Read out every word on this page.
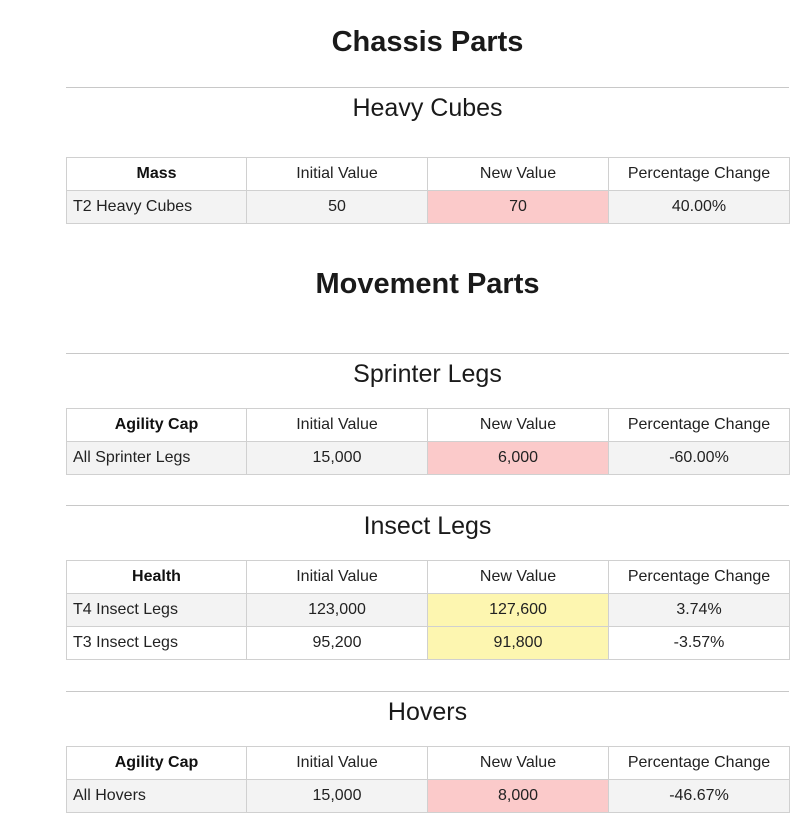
Chassis Parts
Heavy Cubes
Mass	Initial Value	New Value	Percentage Change
T2 Heavy Cubes	50	70	40.00%
Movement Parts
Sprinter Legs
Agility Cap	Initial Value	New Value	Percentage Change
All Sprinter Legs	15,000	6,000	-60.00%
Insect Legs
Health	Initial Value	New Value	Percentage Change
T4 Insect Legs	123,000	127,600	3.74%
T3 Insect Legs	95,200	91,800	-3.57%
Hovers
Agility Cap	Initial Value	New Value	Percentage Change
All Hovers	15,000	8,000	-46.67%
